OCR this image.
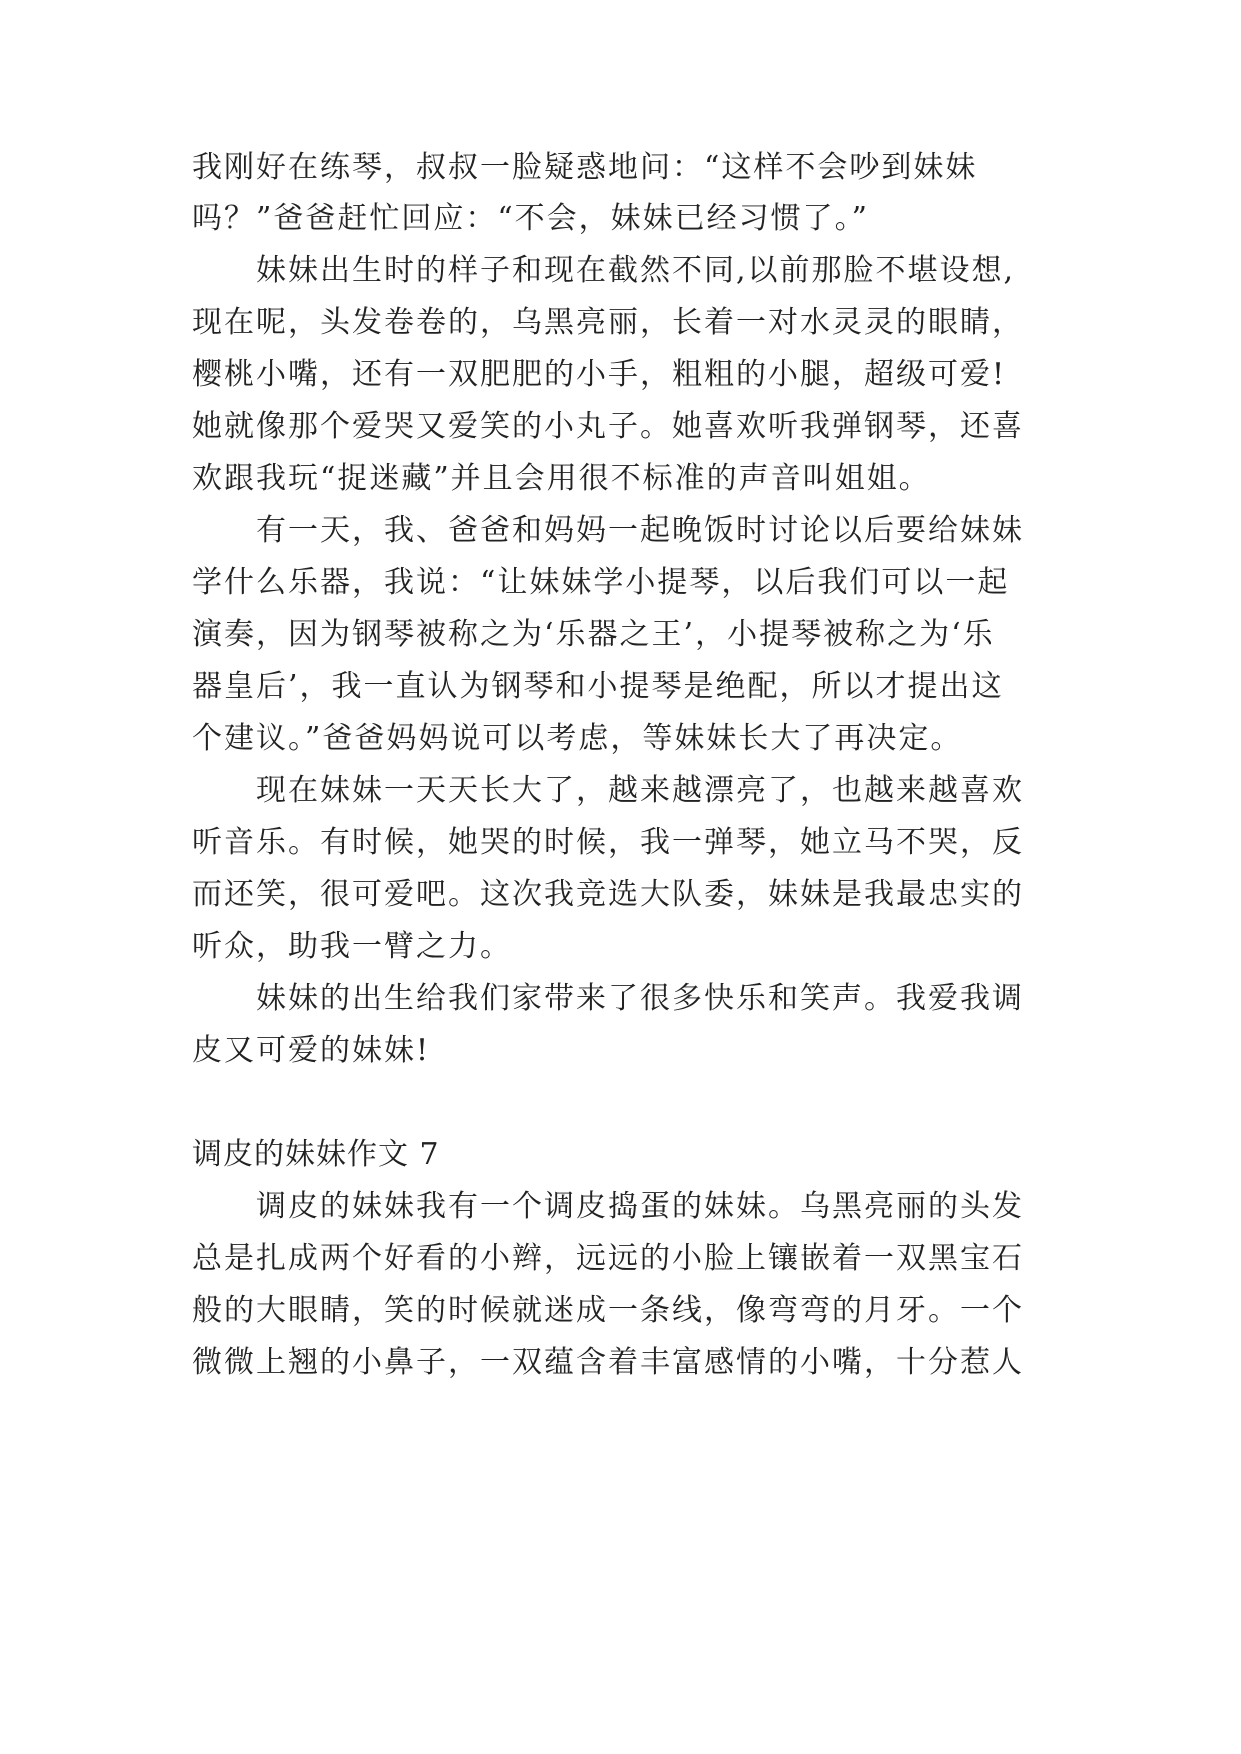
我刚好在练琴，叔叔一脸疑惑地问：“这样不会吵到妹妹
吗？”爸爸赶忙回应：“不会，妹妹已经习惯了。”
妹妹出生时的样子和现在截然不同,以前那脸不堪设想,
现在呢，头发卷卷的，乌黑亮丽，长着一对水灵灵的眼睛，
樱桃小嘴，还有一双肥肥的小手，粗粗的小腿，超级可爱!
她就像那个爱哭又爱笑的小丸子。她喜欢听我弹钢琴，还喜
欢跟我玩“捉迷藏”并且会用很不标准的声音叫姐姐。
有一天，我、爸爸和妈妈一起晚饭时讨论以后要给妹妹
学什么乐器，我说：“让妹妹学小提琴，以后我们可以一起
演奏，因为钢琴被称之为‘乐器之王’，小提琴被称之为‘乐
器皇后’，我一直认为钢琴和小提琴是绝配，所以才提出这
个建议。”爸爸妈妈说可以考虑，等妹妹长大了再决定。
现在妹妹一天天长大了，越来越漂亮了，也越来越喜欢
听音乐。有时候，她哭的时候，我一弹琴，她立马不哭，反
而还笑，很可爱吧。这次我竞选大队委，妹妹是我最忠实的
听众，助我一臂之力。
妹妹的出生给我们家带来了很多快乐和笑声。我爱我调
皮又可爱的妹妹!
调皮的妹妹作文 7
调皮的妹妹我有一个调皮捣蛋的妹妹。乌黑亮丽的头发
总是扎成两个好看的小辫，远远的小脸上镶嵌着一双黑宝石
般的大眼睛，笑的时候就迷成一条线，像弯弯的月牙。一个
微微上翘的小鼻子，一双蕴含着丰富感情的小嘴，十分惹人
